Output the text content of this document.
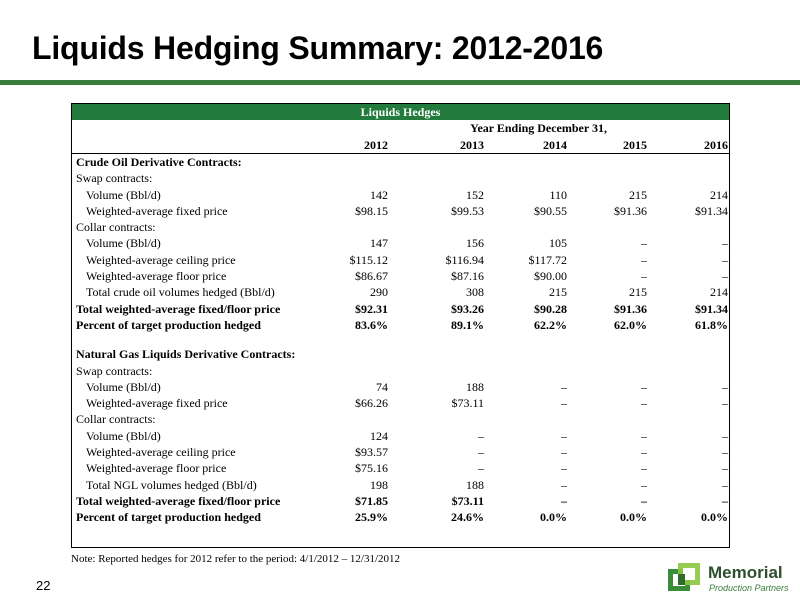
Liquids Hedging Summary: 2012-2016
Liquids Hedges
Year Ending December 31,
2012	2013	2014	2015	2016
Crude Oil Derivative Contracts:
Swap contracts:
Volume (Bbl/d)	142	152	110	215	214
Weighted-average fixed price	$98.15	$99.53	$90.55	$91.36	$91.34
Collar contracts:
Volume (Bbl/d)	147	156	105	–	–
Weighted-average ceiling price	$115.12	$116.94	$117.72	–	–
Weighted-average floor price	$86.67	$87.16	$90.00	–	–
Total crude oil volumes hedged (Bbl/d)	290	308	215	215	214
Total weighted-average fixed/floor price	$92.31	$93.26	$90.28	$91.36	$91.34
Percent of target production hedged	83.6%	89.1%	62.2%	62.0%	61.8%
Natural Gas Liquids Derivative Contracts:
Swap contracts:
Volume (Bbl/d)	74	188	–	–	–
Weighted-average fixed price	$66.26	$73.11	–	–	–
Collar contracts:
Volume (Bbl/d)	124	–	–	–	–
Weighted-average ceiling price	$93.57	–	–	–	–
Weighted-average floor price	$75.16	–	–	–	–
Total NGL volumes hedged (Bbl/d)	198	188	–	–	–
Total weighted-average fixed/floor price	$71.85	$73.11	–	–	–
Percent of target production hedged	25.9%	24.6%	0.0%	0.0%	0.0%
Note: Reported hedges for 2012 refer to the period: 4/1/2012 – 12/31/2012
22
Memorial
Production Partners
